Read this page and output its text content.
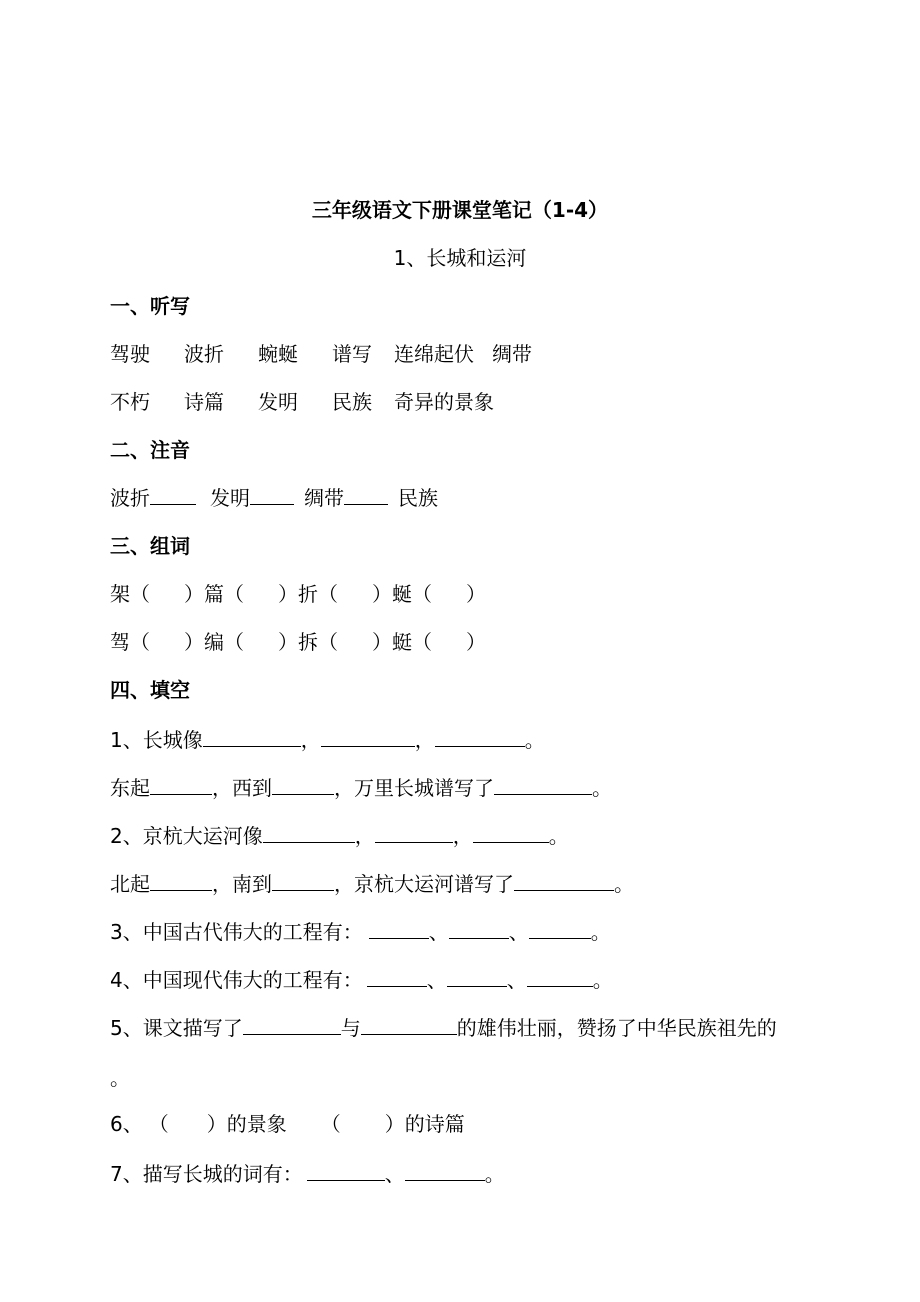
三年级语文下册课堂笔记（1-4）
1、长城和运河
一、听写
驾驶 波折 蜿蜒 谱写 连绵起伏 绸带
不朽 诗篇 发明 民族 奇异的景象
二、注音
波折	发明	绸带	民族
三、组词
架（ ）篇（ ）折（ ）蜒（ ）
驾（ ）编（ ）拆（ ）蜓（ ）
四、填空
1、长城像	，	，	。
东起	，西到	，万里长城谱写了	。
2、京杭大运河像	，	，	。
北起	，南到	，京杭大运河谱写了	。
3、中国古代伟大的工程有：	、	、	。
4、中国现代伟大的工程有：	、	、	。
5、课文描写了	与	的雄伟壮丽，赞扬了中华民族祖先的
。
6、 （ ）的景象 （ ）的诗篇
7、描写长城的词有：	、	。
